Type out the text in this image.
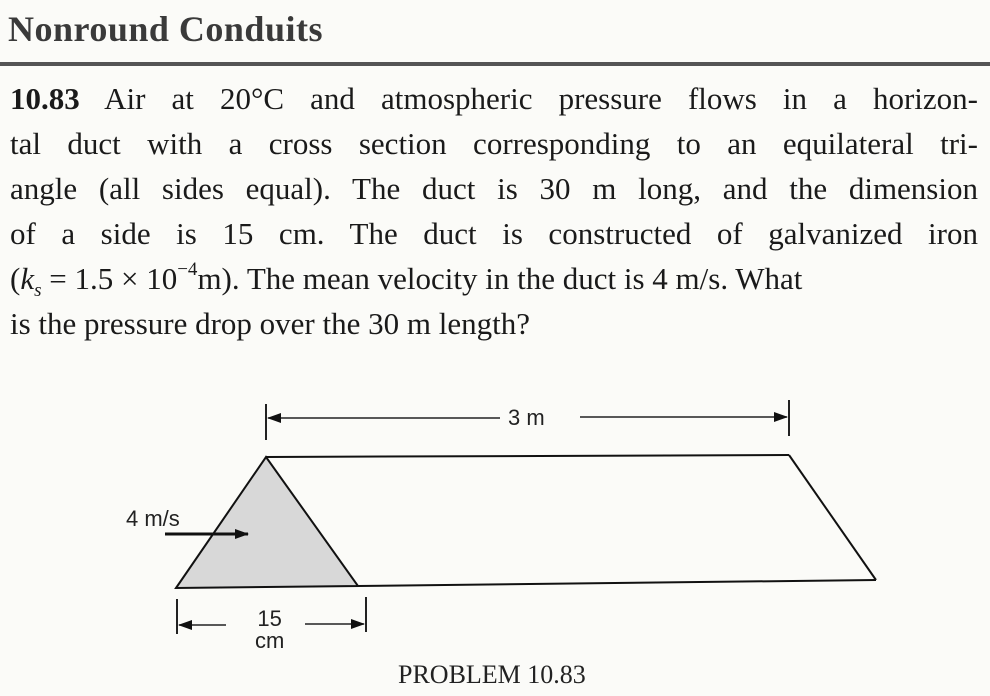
Nonround Conduits
10.83 Air at 20°C and atmospheric pressure flows in a horizon-
tal duct with a cross section corresponding to an equilateral tri-
angle (all sides equal). The duct is 30 m long, and the dimension
of a side is 15 cm. The duct is constructed of galvanized iron
$(k_s = 1.5 \times 10^{-4}m)$. The mean velocity in the duct is 4 m/s. What
is the pressure drop over the 30 m length?
3 m
4 m/s
15
cm
PROBLEM 10.83
